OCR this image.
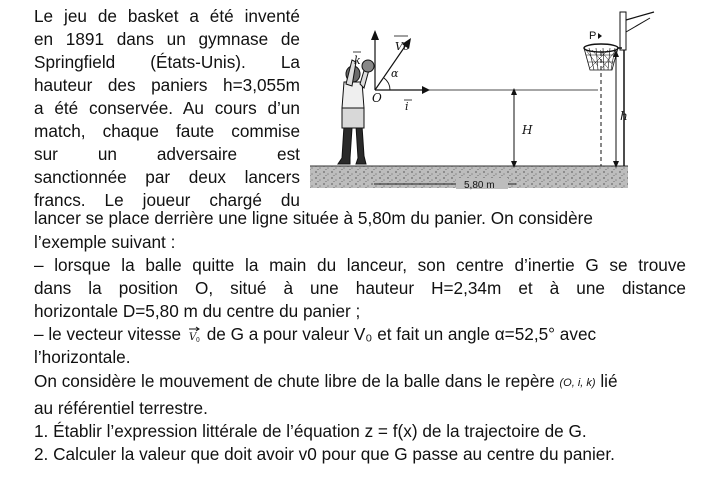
Le jeu de basket a été inventé
en 1891 dans un gymnase de
Springfield (États-Unis). La
hauteur des paniers h=3,055m
a été conservée. Au cours d’un
match, chaque faute commise
sur un adversaire est
sanctionnée par deux lancers
francs. Le joueur chargé du
lancer se place derrière une ligne située à 5,80m du panier. On considère
l’exemple suivant :
– lorsque la balle quitte la main du lanceur, son centre d’inertie G se trouve
dans la position O, situé à une hauteur H=2,34m et à une distance
horizontale D=5,80 m du centre du panier ;
– le vecteur vitesse V 0 de G a pour valeur V₀ et fait un angle α=52,5° avec
l’horizontale.
On considère le mouvement de chute libre de la balle dans le repère (O, i, k) lié
au référentiel terrestre.
1. Établir l’expression littérale de l’équation z = f(x) de la trajectoire de G.
2. Calculer la valeur que doit avoir v0 pour que G passe au centre du panier.
5,80 m
k
V0
α
O
i
H
P
h
